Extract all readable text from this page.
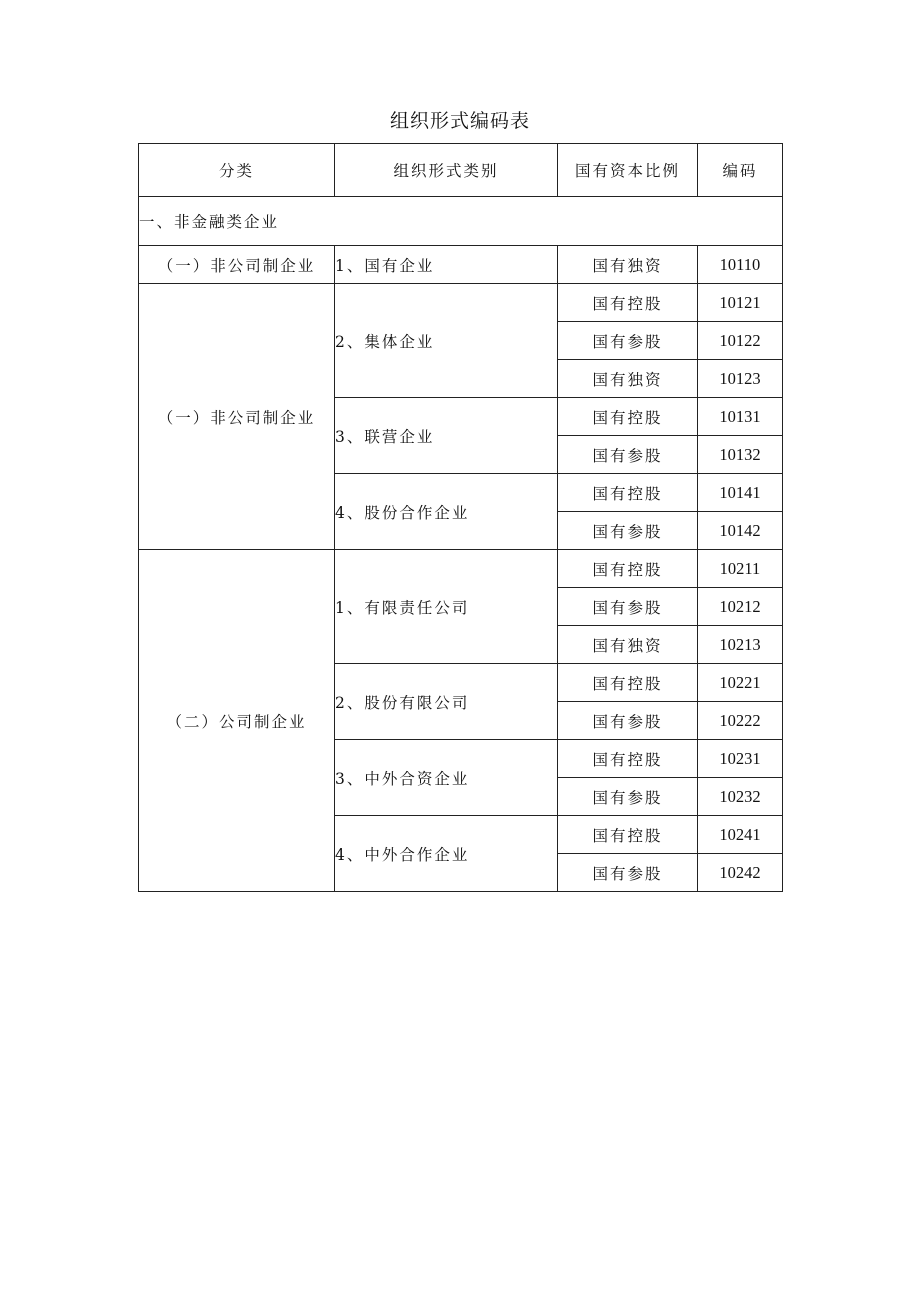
组织形式编码表
分类	组织形式类别	国有资本比例	编码
一、非金融类企业			
（一）非公司制企业	1、国有企业	国有独资	10110
（一）非公司制企业	2、集体企业	国有控股	10121
		国有参股	10122
		国有独资	10123
	3、联营企业	国有控股	10131
		国有参股	10132
	4、股份合作企业	国有控股	10141
		国有参股	10142
（二）公司制企业	1、有限责任公司	国有控股	10211
		国有参股	10212
		国有独资	10213
	2、股份有限公司	国有控股	10221
		国有参股	10222
	3、中外合资企业	国有控股	10231
		国有参股	10232
	4、中外合作企业	国有控股	10241
		国有参股	10242
